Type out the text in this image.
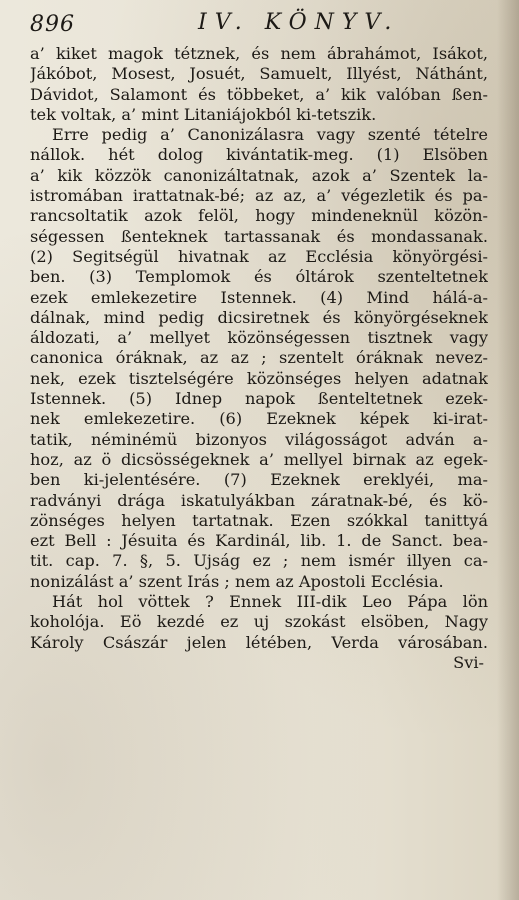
896	IV. KÖNYV.
a’ kiket magok tétznek, és nem ábrahámot, Isákot,
Jákóbot, Mosest, Josuét, Samuelt, Illyést, Náthánt,
Dávidot, Salamont és többeket, a’ kik valóban ßen-
tek voltak, a’ mint Litaniájokból ki-tetszik.
Erre pedig a’ Canonizálasra vagy szenté tételre
nállok. hét dolog kivántatik-meg. (1) Elsöben
a’ kik közzök canonizáltatnak, azok a’ Szentek la-
istromában irattatnak-bé; az az, a’ végezletik és pa-
rancsoltatik azok felöl, hogy mindeneknül közön-
ségessen ßenteknek tartassanak és mondassanak.
(2) Segitségül hivatnak az Ecclésia könyörgési-
ben. (3) Templomok és óltárok szenteltetnek
ezek emlekezetire Istennek. (4) Mind hálá-a-
dálnak, mind pedig dicsiretnek és könyörgéseknek
áldozati, a’ mellyet közönségessen tisztnek vagy
canonica óráknak, az az ; szentelt óráknak nevez-
nek, ezek tisztelségére közönséges helyen adatnak
Istennek. (5) Idnep napok ßenteltetnek ezek-
nek emlekezetire. (6) Ezeknek képek ki-irat-
tatik, néminémü bizonyos világosságot adván a-
hoz, az ö dicsösségeknek a’ mellyel birnak az egek-
ben ki-jelentésére. (7) Ezeknek ereklyéi, ma-
radványi drága iskatulyákban záratnak-bé, és kö-
zönséges helyen tartatnak. Ezen szókkal tanittyá
ezt Bell : Jésuita és Kardinál, lib. 1. de Sanct. bea-
tit. cap. 7. §, 5. Ujság ez ; nem ismér illyen ca-
nonizálást a’ szent Irás ; nem az Apostoli Ecclésia.
Hát hol vöttek ? Ennek III-dik Leo Pápa lön
koholója. Eö kezdé ez uj szokást elsöben, Nagy
Károly Császár jelen létében, Verda városában.
Svi-
